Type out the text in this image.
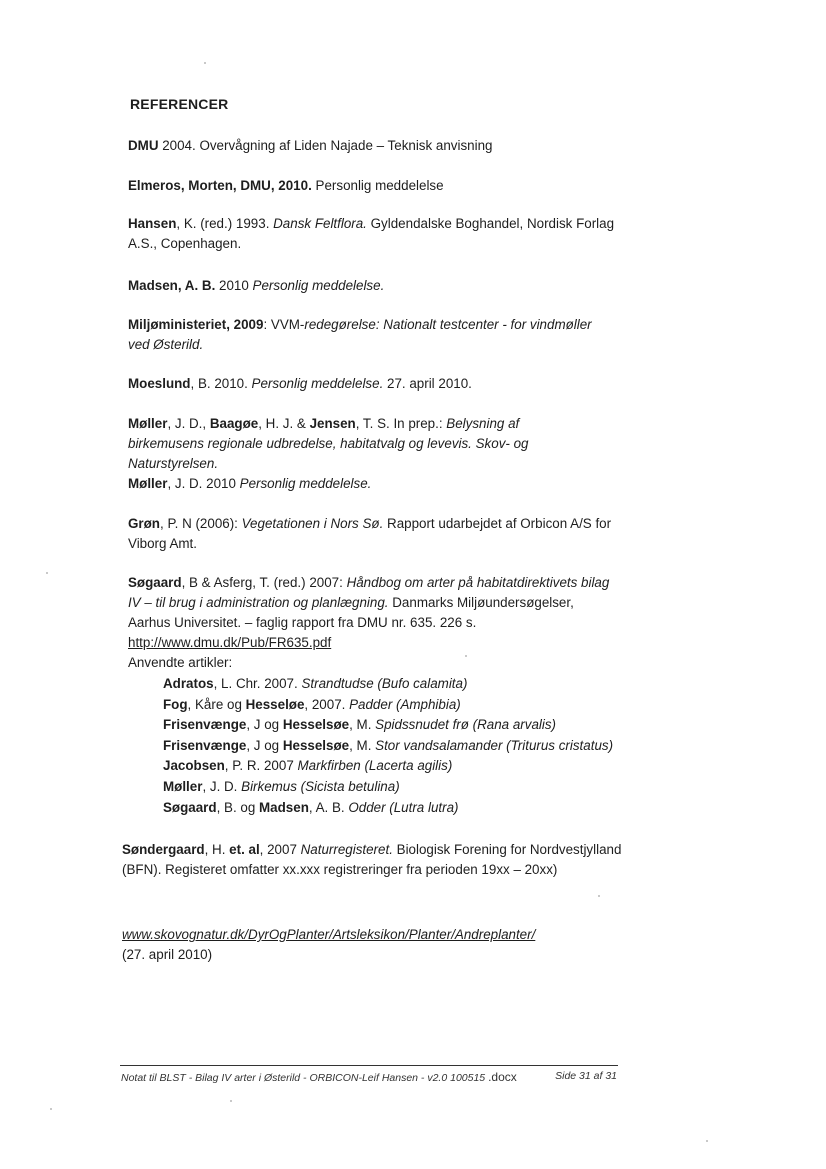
REFERENCER
DMU 2004. Overvågning af Liden Najade – Teknisk anvisning
Elmeros, Morten, DMU, 2010. Personlig meddelelse
Hansen, K. (red.) 1993. Dansk Feltflora. Gyldendalske Boghandel, Nordisk Forlag A.S., Copenhagen.
Madsen, A. B. 2010 Personlig meddelelse.
Miljøministeriet, 2009: VVM-redegørelse: Nationalt testcenter - for vindmøller ved Østerild.
Moeslund, B. 2010. Personlig meddelelse. 27. april 2010.
Møller, J. D., Baagøe, H. J. & Jensen, T. S. In prep.: Belysning af birkemusens regionale udbredelse, habitatvalg og levevis. Skov- og Naturstyrelsen.
Møller, J. D. 2010 Personlig meddelelse.
Grøn, P. N (2006): Vegetationen i Nors Sø. Rapport udarbejdet af Orbicon A/S for Viborg Amt.
Søgaard, B & Asferg, T. (red.) 2007: Håndbog om arter på habitatdirektivets bilag IV – til brug i administration og planlægning. Danmarks Miljøundersøgelser, Aarhus Universitet. – faglig rapport fra DMU nr. 635. 226 s.
http://www.dmu.dk/Pub/FR635.pdf
Anvendte artikler:
Adratos, L. Chr. 2007. Strandtudse (Bufo calamita)
Fog, Kåre og Hesseløe, 2007. Padder (Amphibia)
Frisenvænge, J og Hesselsøe, M. Spidssnudet frø (Rana arvalis)
Frisenvænge, J og Hesselsøe, M. Stor vandsalamander (Triturus cristatus)
Jacobsen, P. R. 2007 Markfirben (Lacerta agilis)
Møller, J. D. Birkemus (Sicista betulina)
Søgaard, B. og Madsen, A. B. Odder (Lutra lutra)
Søndergaard, H. et. al, 2007 Naturregisteret. Biologisk Forening for Nordvestjylland (BFN). Registeret omfatter xx.xxx registreringer fra perioden 19xx – 20xx)
www.skovognatur.dk/DyrOgPlanter/Artsleksikon/Planter/Andreplanter/
(27. april 2010)
Notat til BLST - Bilag IV arter i Østerild - ORBICON-Leif Hansen - v2.0 100515 .docx	Side 31 af 31
